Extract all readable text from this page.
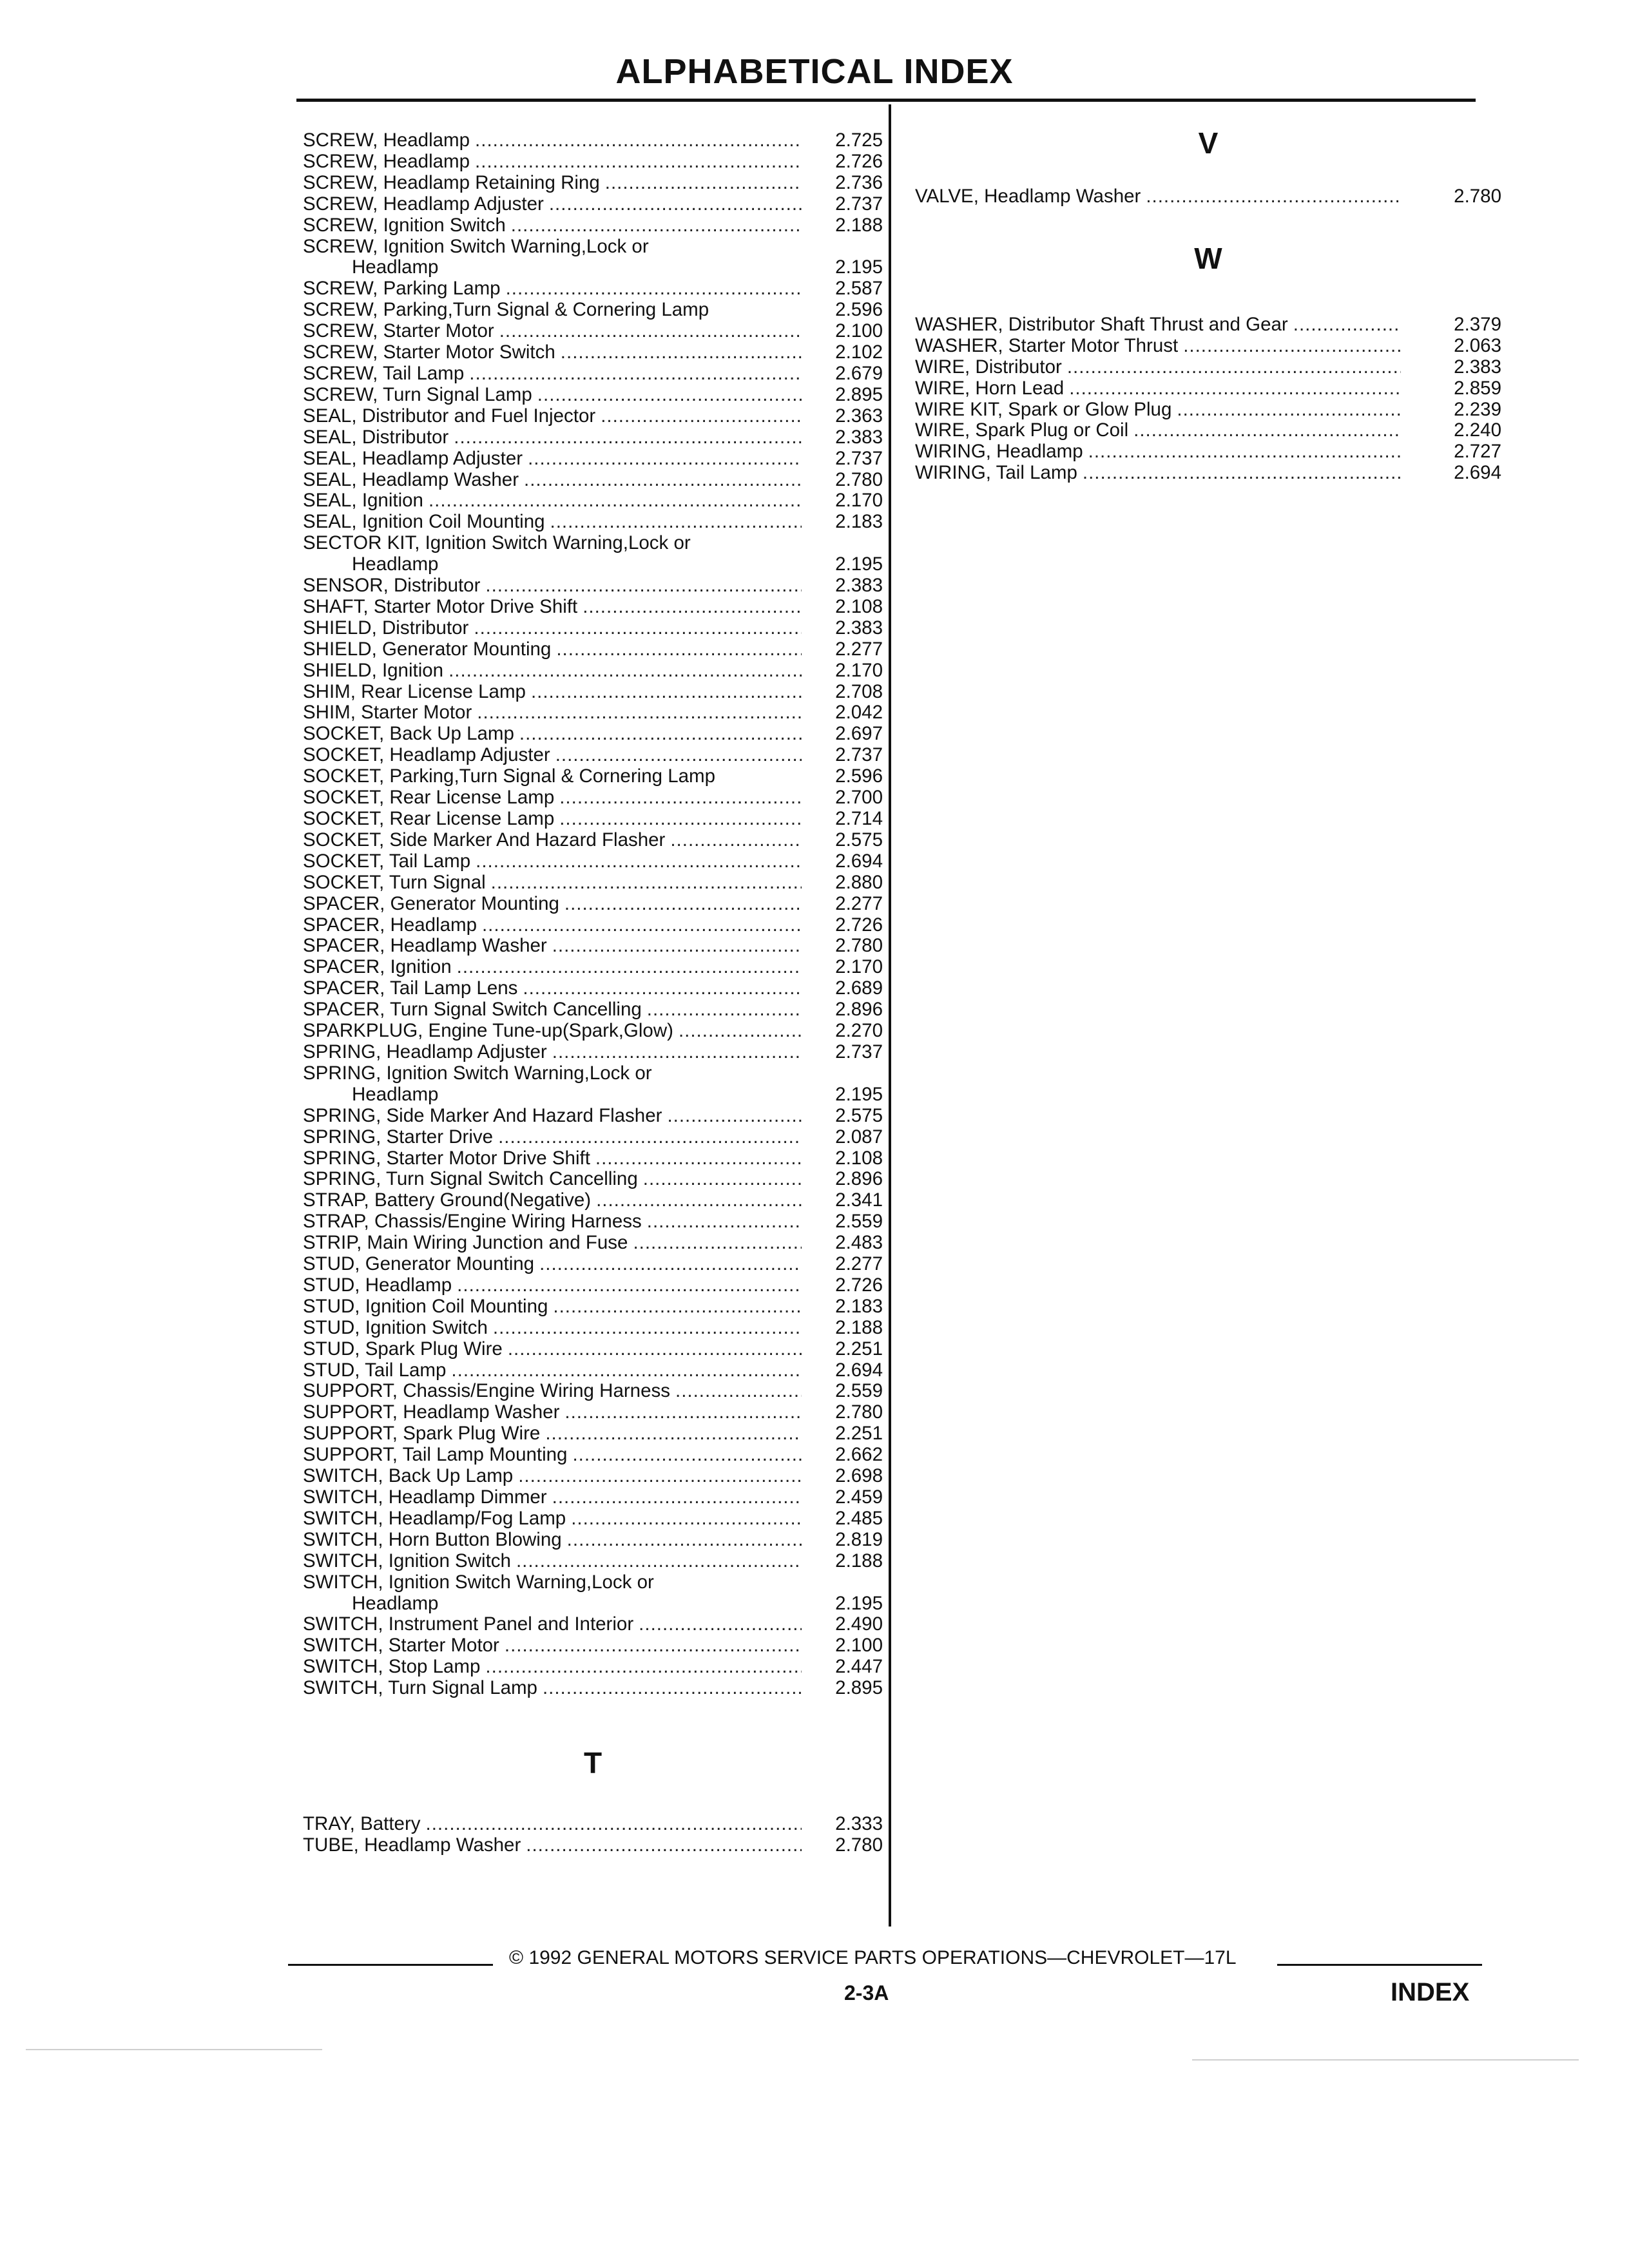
ALPHABETICAL INDEX
SCREW, Headlamp .....	2.725
SCREW, Headlamp .....	2.726
SCREW, Headlamp Retaining Ring .....	2.736
SCREW, Headlamp Adjuster .....	2.737
SCREW, Ignition Switch .....	2.188
SCREW, Ignition Switch Warning,Lock or
Headlamp	2.195
SCREW, Parking Lamp .....	2.587
SCREW, Parking,Turn Signal & Cornering Lamp	2.596
SCREW, Starter Motor .....	2.100
SCREW, Starter Motor Switch .....	2.102
SCREW, Tail Lamp .....	2.679
SCREW, Turn Signal Lamp .....	2.895
SEAL, Distributor and Fuel Injector .....	2.363
SEAL, Distributor .....	2.383
SEAL, Headlamp Adjuster .....	2.737
SEAL, Headlamp Washer .....	2.780
SEAL, Ignition .....	2.170
SEAL, Ignition Coil Mounting .....	2.183
SECTOR KIT, Ignition Switch Warning,Lock or
Headlamp	2.195
SENSOR, Distributor .....	2.383
SHAFT, Starter Motor Drive Shift .....	2.108
SHIELD, Distributor .....	2.383
SHIELD, Generator Mounting .....	2.277
SHIELD, Ignition .....	2.170
SHIM, Rear License Lamp .....	2.708
SHIM, Starter Motor .....	2.042
SOCKET, Back Up Lamp .....	2.697
SOCKET, Headlamp Adjuster .....	2.737
SOCKET, Parking,Turn Signal & Cornering Lamp	2.596
SOCKET, Rear License Lamp .....	2.700
SOCKET, Rear License Lamp .....	2.714
SOCKET, Side Marker And Hazard Flasher .....	2.575
SOCKET, Tail Lamp .....	2.694
SOCKET, Turn Signal .....	2.880
SPACER, Generator Mounting .....	2.277
SPACER, Headlamp .....	2.726
SPACER, Headlamp Washer .....	2.780
SPACER, Ignition .....	2.170
SPACER, Tail Lamp Lens .....	2.689
SPACER, Turn Signal Switch Cancelling .....	2.896
SPARKPLUG, Engine Tune-up(Spark,Glow) .....	2.270
SPRING, Headlamp Adjuster .....	2.737
SPRING, Ignition Switch Warning,Lock or
Headlamp	2.195
SPRING, Side Marker And Hazard Flasher .....	2.575
SPRING, Starter Drive .....	2.087
SPRING, Starter Motor Drive Shift .....	2.108
SPRING, Turn Signal Switch Cancelling .....	2.896
STRAP, Battery Ground(Negative) .....	2.341
STRAP, Chassis/Engine Wiring Harness .....	2.559
STRIP, Main Wiring Junction and Fuse .....	2.483
STUD, Generator Mounting .....	2.277
STUD, Headlamp .....	2.726
STUD, Ignition Coil Mounting .....	2.183
STUD, Ignition Switch .....	2.188
STUD, Spark Plug Wire .....	2.251
STUD, Tail Lamp .....	2.694
SUPPORT, Chassis/Engine Wiring Harness .....	2.559
SUPPORT, Headlamp Washer .....	2.780
SUPPORT, Spark Plug Wire .....	2.251
SUPPORT, Tail Lamp Mounting .....	2.662
SWITCH, Back Up Lamp .....	2.698
SWITCH, Headlamp Dimmer .....	2.459
SWITCH, Headlamp/Fog Lamp .....	2.485
SWITCH, Horn Button Blowing .....	2.819
SWITCH, Ignition Switch .....	2.188
SWITCH, Ignition Switch Warning,Lock or
Headlamp	2.195
SWITCH, Instrument Panel and Interior .....	2.490
SWITCH, Starter Motor .....	2.100
SWITCH, Stop Lamp .....	2.447
SWITCH, Turn Signal Lamp .....	2.895
T
TRAY, Battery .....	2.333
TUBE, Headlamp Washer .....	2.780
V
VALVE, Headlamp Washer .....	2.780
W
WASHER, Distributor Shaft Thrust and Gear .....	2.379
WASHER, Starter Motor Thrust .....	2.063
WIRE, Distributor .....	2.383
WIRE, Horn Lead .....	2.859
WIRE KIT, Spark or Glow Plug .....	2.239
WIRE, Spark Plug or Coil .....	2.240
WIRING, Headlamp .....	2.727
WIRING, Tail Lamp .....	2.694
© 1992 GENERAL MOTORS SERVICE PARTS OPERATIONS—CHEVROLET—17L
2-3A	INDEX
